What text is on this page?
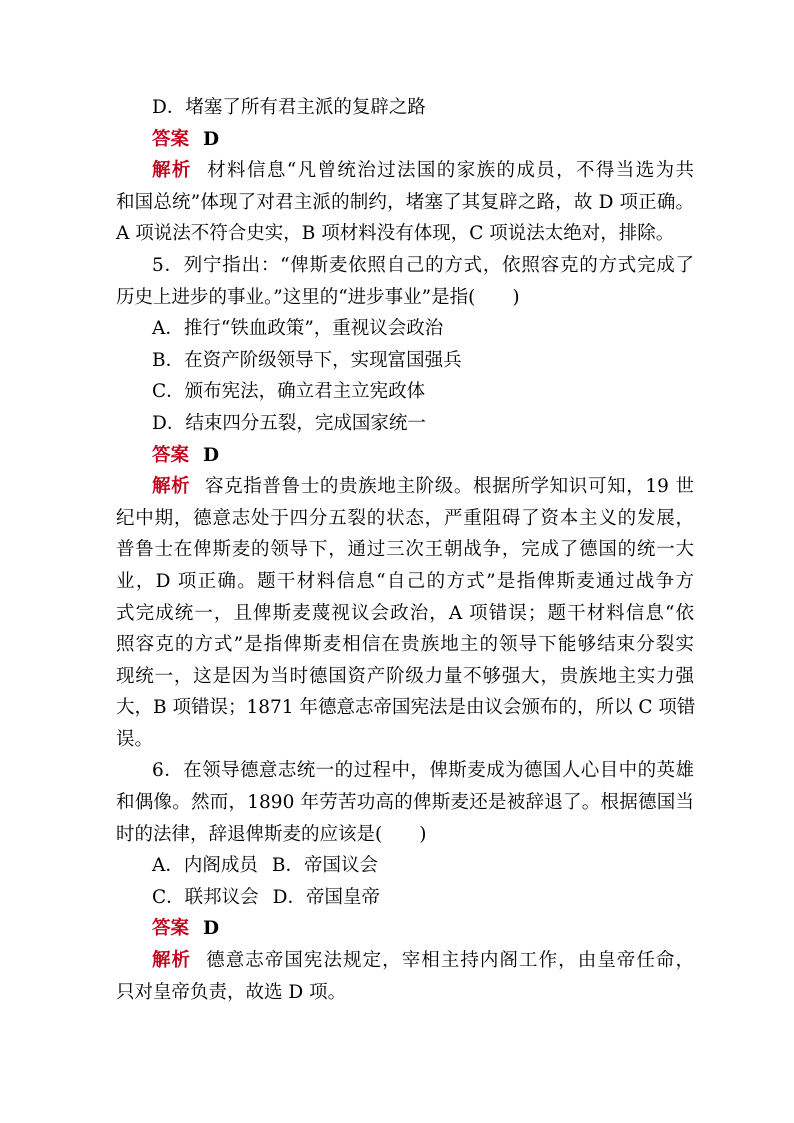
D．堵塞了所有君主派的复辟之路
答案 D
解析 材料信息“凡曾统治过法国的家族的成员，不得当选为共
和国总统”体现了对君主派的制约，堵塞了其复辟之路，故 D 项正确。
A 项说法不符合史实，B 项材料没有体现，C 项说法太绝对，排除。
5．列宁指出：“俾斯麦依照自己的方式，依照容克的方式完成了
历史上进步的事业。”这里的“进步事业”是指(　　)
A．推行“铁血政策”，重视议会政治
B．在资产阶级领导下，实现富国强兵
C．颁布宪法，确立君主立宪政体
D．结束四分五裂，完成国家统一
答案 D
解析 容克指普鲁士的贵族地主阶级。根据所学知识可知，19 世
纪中期，德意志处于四分五裂的状态，严重阻碍了资本主义的发展，
普鲁士在俾斯麦的领导下，通过三次王朝战争，完成了德国的统一大
业，D 项正确。题干材料信息“自己的方式”是指俾斯麦通过战争方
式完成统一，且俾斯麦蔑视议会政治，A 项错误；题干材料信息“依
照容克的方式”是指俾斯麦相信在贵族地主的领导下能够结束分裂实
现统一，这是因为当时德国资产阶级力量不够强大，贵族地主实力强
大，B 项错误；1871 年德意志帝国宪法是由议会颁布的，所以 C 项错
误。
6．在领导德意志统一的过程中，俾斯麦成为德国人心目中的英雄
和偶像。然而，1890 年劳苦功高的俾斯麦还是被辞退了。根据德国当
时的法律，辞退俾斯麦的应该是(　　)
A．内阁成员 B．帝国议会
C．联邦议会 D．帝国皇帝
答案 D
解析 德意志帝国宪法规定，宰相主持内阁工作，由皇帝任命，
只对皇帝负责，故选 D 项。
